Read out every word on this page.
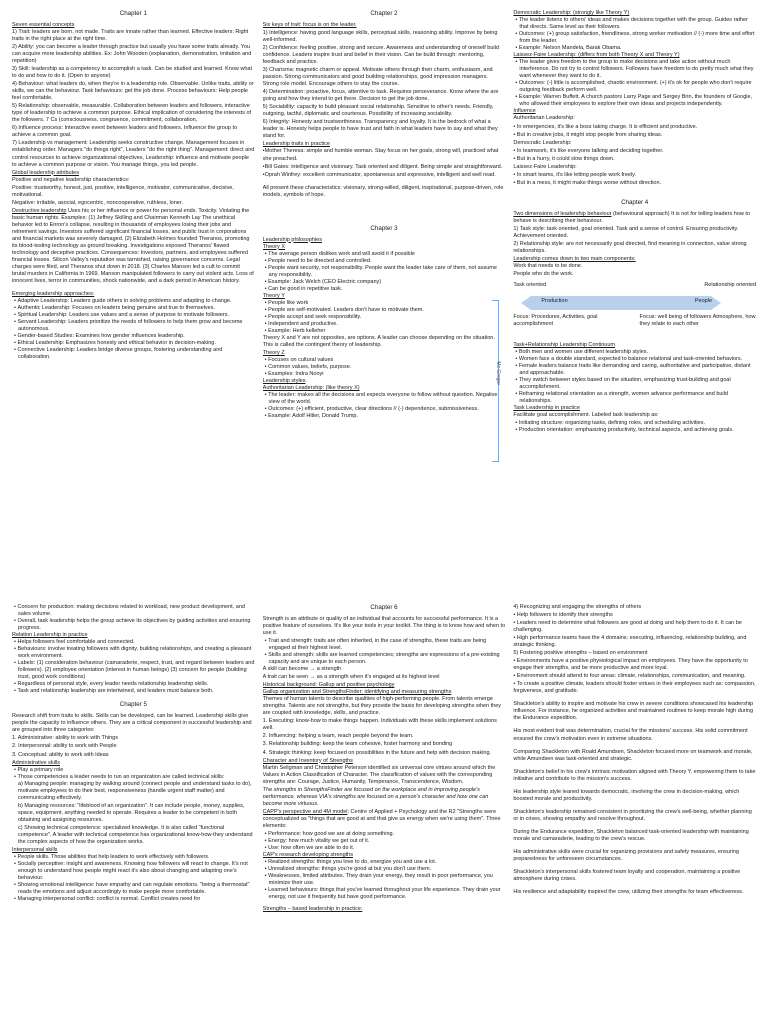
Chapter 1
Seven essential concepts
1) Trait: leaders are born, not made. Traits are innate rather than learned. Effective leaders: Right traits in the right place at the right time.
2) Ability: you can become a leader through practice but usually you have some traits already. You can acquire more leadership abilities. Ex: John Wooden (explanation, demonstration, imitation and repetition)
3) Skill: leadership as a competency to accomplish a task. Can be studied and learned. Know what to do and how to do it. (Open to anyone)
4) Behaviour: what leaders do, when they're in a leadership role. Observable. Unlike traits, ability or skills, we can the behaviour. Task behaviours: get the job done. Process behaviours: Help people feel comfortable.
5) Relationship: observable, measurable. Collaboration between leaders and followers, interactive type of leadership to achieve a common purpose. Ethical implication of considering the interests of the followers. 7 Cs (consciousness, congruence, commitment, collaboration,
6) Influence process: Interactive event between leaders and followers. Influence the group to achieve a common goal.
7) Leadership vs management: Leadership seeks constructive change. Management focuses in establishing order. Managers "do things right", Leaders "do the right thing". Management: direct and control resources to achieve organizational objectives, Leadership: influence and motivate people to achieve a common purpose or vision. You manage things, you led people.
Global leadership attributes
Positive and negative leadership characteristics:
Positive: trustworthy, honest, just, positive, intelligence, motivator, communicative, decisive, motivational.
Negative: irritable, asocial, egocentric, noncooperative, ruthless, loner.
Destructive leadership Uses his or her influence or power for personal ends. Toxicity. Violating the basic human rights. Examples: (1) Jeffrey Skilling and Chairman Kenneth Lay The unethical behavior led to Enron's collapse, resulting in thousands of employees losing their jobs and retirement savings. Investors suffered significant financial losses, and public trust in corporations and financial markets was severely damaged. (2) Elizabeth Holmes founded Theranos, promoting its blood-testing technology as ground breaking. Investigations exposed Theranos' flawed technology and deceptive practices. Consequences: Investors, partners, and employees suffered financial losses. Silicon Valley's reputation was tarnished, raising governance concerns. Legal charges were filed, and Theranos shut down in 2018. (3) Charles Manson led a cult to commit brutal murders in California in 1969. Manson manipulated followers to carry out violent acts. Loss of innocent lives, terror in communities, shock nationwide, and a dark period in American history.
Emerging leadership approaches:
• Adaptive Leadership: Leaders guide others in solving problems and adapting to change.
• Authentic Leadership: Focuses on leaders being genuine and true to themselves.
• Spiritual Leadership: Leaders use values and a sense of purpose to motivate followers.
• Servant Leadership: Leaders prioritize the needs of followers to help them grow and become autonomous.
• Gender-based Studies: Examines how gender influences leadership.
• Ethical Leadership: Emphasizes honesty and ethical behavior in decision-making.
• Connective Leadership: Leaders bridge diverse groups, fostering understanding and collaboration.
Chapter 2
Six keys of trait: focus is on the leader.
1) Intelligence: having good language skills, perceptual skills, reasoning ability. Improve by being well-informed.
2) Confidence: feeling positive, strong and secure. Awareness and understanding of oneself build confidence. Leaders inspire trust and belief in their vision. Can be build through: mentoring, feedback and practice.
3) Charisma: magnetic charm or appeal. Motivate others through their charm, enthusiasm, and passion. Strong communicators and good building relationships, good impression managers. Strong role model. Encourage others to stay the course.
4) Determination: proactive, focus, attentive to task. Requires perseverance. Know where the are going and how they intend to get there. Decision to get the job done.
5) Sociability: capacity to build pleasant social relationship. Sensitive to other's needs. Friendly, outgoing, tactful, diplomatic and courteous. Possibility of increasing sociability.
6) Integrity: Honesty and trustworthiness. Transparency and loyalty. It is the bedrock of what a leader is. Honesty helps people to have trust and faith in what leaders have to say and what they stand for.
Leadership traits in practice
•Mother Theresa: simple and humble woman. Stay focus on her goals, strong will, practiced what she preached.
•Bill Gates: intelligence and visionary. Task oriented and diligent. Being simple and straightforward.
•Oprah Winfrey: excellent communicator, spontaneous and expressive, intelligent and well read.
All present these characteristics: visionary, strong-willed, diligent, inspirational, purpose-driven, role models, symbols of hope.
Chapter 3
Leadership philosophies
Theory X
• The average person dislikes work and will avoid it if possible
• People need to be directed and controlled.
• People want security, not responsibility. People want the leader take care of them, not assume any responsibility.
• Example: Jack Welch (CEO Electric company)
• Can be good in repetitive task.
Theory Y
• People like work
• People are self-motivated. Leaders don't have to motivate them.
• People accept and seek responsibility.
• Independent and productive.
• Example: Herb kelleher
Theory X and Y are not opposites, are options. A leader can choose depending on the situation. This is called the contingent theory of leadership.
Theory Z
• Focuses on cultural values
• Common values, beliefs, purpose.
• Examples: Indra Nooyi
Leadership styles
Authoritarian Leadership: (like theory X)
• The leader: makes all the decisions and expects everyone to follow without question. Negative view of the world.
• Outcomes: (+) efficient, productive, clear directions // (-) dependence, submissiveness.
• Example: Adolf Hitler, Donald Trump.
Mc Gregor
Democratic Leadership: (strongly like Theory Y)
• The leader listens to others' ideas and makes decisions together with the group. Guides rather that directs. Same level as their followers.
• Outcomes: (+) group satisfaction, friendliness, strong worker motivation // (-) more time and effort from the leader.
• Example: Nelson Mandela, Barak Obama.
Laissez-Faire Leadership: (differs from both Theory X and Theory Y)
• The leader gives freedom to the group to make decisions and take action without much interference. Do not try to control followers. Followers have freedom to do pretty much what they want whenever they want to do it.
• Outcomes: (-) little is accomplished, chaotic environment. (+) it's ok for people who don't require outgoing feedback perform well.
• Example: Warren Buffett. A church pastors Larry Page and Sergey Brin, the founders of Google, who allowed their employees to explore their own ideas and projects independently.
Influence
Authoritarian Leadership:
• In emergencies, it's like a boss taking charge. It is efficient and productive.
• But in creative jobs, it might stop people from sharing ideas.
Democratic Leadership:
• In teamwork, it's like everyone talking and deciding together.
• But in a hurry, it could slow things down.
Laissez-Faire Leadership:
• In smart teams, it's like letting people work freely.
• But in a mess, it might make things worse without direction.
Chapter 4
Two dimensions of leadership behaviour (behavioural approach) It is not for telling leaders how to behave is describing their behaviour.
1) Task style: task oriented, goal oriented. Task and a sense of control. Ensuring productivity. Achievement oriented.
2) Relationship style: are not necessarily goal directed, find meaning in connection, value strong relationships.
Leadership comes down to two main components:
Work that needs to be done.
People who do the work.
Task oriented	Relationship oriented
Production	People
Focus: Procedures, Activities, goal accomplishment
Focus: well being of followers Atmosphere, how they relate to each other
Task+Relationship Leadership Continuum
• Both men and women use different leadership styles.
• Women face a double standard, expected to balance relational and task-oriented behaviors.
• Female leaders balance traits like demanding and caring, authoritative and participative, distant and approachable.
• They switch between styles based on the situation, emphasizing trust-building and goal accomplishment.
• Reframing relational orientation as a strength, women advance performance and build relationships.
Task Leadership in practice
Facilitate goal accomplishment. Labeled task leadership as:
• Initiating structure: organizing tasks, defining roles, and scheduling activities.
• Production orientation: emphasizing productivity, technical aspects, and achieving goals.
• Concern for production: making decisions related to workload, new product development, and sales volume.
• Overall, task leadership helps the group achieve its objectives by guiding activities and ensuring progress.
Relation Leadership in practice
• Helps followers feel comfortable and connected.
• Behaviours: involve treating followers with dignity, building relationships, and creating a pleasant work environment.
• Labels: (1) consideration behaviour (camaraderie, respect, trust, and regard between leaders and followers). (2) employee orientation (interest in human beings) (3) concern for people (building trust, good work conditions)
• Regardless of personal style, every leader needs relationship leadership skills.
• Task and relationship leadership are intertwined, and leaders must balance both.
Chapter 5
Research shift from traits to skills. Skills can be developed, can be learned. Leadership skills give people the capacity to influence others. They are a critical component in successful leadership and are grouped into three categories:
1. Administrative: ability to work with Things
2. Interpersonal: ability to work with People
3. Conceptual: ability to work with Ideas
Administrative skills
• Play a primary role
• Those competencies a leader needs to run an organization are called technical skills:
a) Managing people: managing by walking around (connect people and understand tasks to do), motivate employees to do their best, responsiveness (handle urgent staff matter) and communicating effectively.
b) Managing resources: "lifeblood of an organization". It can include people, money, supplies, space, equipment, anything needed to operate. Requires a leader to be competent in both obtaining and assigning resources.
c) Showing technical competence: specialized knowledge. It is also called "functional competence". A leader with technical competence has organizational know-how-they understand the complex aspects of how the organization works.
Interpersonal skills
• People skills. Those abilities that help leaders to work effectively with followers.
• Socially perceptive: insight and awareness. Knowing how followers will react to change. It's not enough to understand how people might react it's also about changing and adapting one's behaviour.
• Showing emotional intelligence: have empathy and can regulate emotions. "being a thermostat" reads the emotions and adjust accordingly to make people more comfortable.
• Managing interpersonal conflict: conflict is normal. Conflict creates need for
Chapter 6
Strength is an attribute or quality of an individual that accounts for successful performance. It is a positive feature of ourselves. It's like your tools in your toolkit. The thing is to know how and when to use it.
• Trait and strength: traits are often inherited, in the case of strengths, these traits are being engaged at their highest level.
• Skills and strength: skills are learned competencies; strengths are expressions of a pre-existing capacity and are unique to each person.
A skill can become → a strength
A trait can be seen → as a strength when it's engaged at its highest level
Historical background: Gallup and positive psychology
Gallup organization and StrengthsFinder: identifying and measuring strengths
Themes of human talents to describe qualities of high-performing people. From talents emerge strengths. Talents are not strengths, but they provide the basis for developing strengths when they are coupled with knowledge, skills, and practice.
1. Executing: know-how to make things happen. Individuals with these skills implement solutions well.
2. Influencing: helping a team, reach people beyond the team.
3. Relationship building: keep the team cohesive, foster harmony and bonding
4. Strategic thinking: keep focused on possibilities in the future and help with decision making.
Character and Inventory of Strengths
Martin Seligman and Christopher Peterson identified six universal core virtues around which the Values in Action Classification of Character. The classification of values with the corresponding strengths are: Courage, Justice, Humanity, Temperance, Transcendence, Wisdom.
The strengths in StrengthsFinder are focused on the workplace and in improving people's performance, whereas VIA's strengths are focused on a person's character and how one can become more virtuous.
CAPP's perspective and 4M model: Centre of Applied + Psychology and the R2 "Strengths were conceptualized as "things that are good at and that give us energy when we're using them". Three elements:
• Performance: how good we are at doing something.
• Energy: how much vitality we get out of it.
• Use: how often we are able to do it.
CAP's research developing strengths
• Realized strengths: things you love to do, energize you and use a lot.
• Unrealized strengths: things you're good at but you don't use them.
• Weaknesses, limited attributes. They drain your energy, they result in poor performance, you minimize their use.
• Learned behaviours: things that you've learned throughout your life experience. They drain your energy, not use it frequently but have good performance.
Strengths – based leadership in practice:
4) Recognizing and engaging the strengths of others
• Help followers to identify their strengths
• Leaders need to determine what followers are good at doing and help them to do it. It can be challenging.
• High performance teams have the 4 domains: executing, influencing, relationship building, and strategic thinking.
5) Fostering positive strengths – based on environment
• Environments have a positive physiological impact on employees. They have the opportunity to engage their strengths, and be more productive and more loyal.
• Environment should attend to four areas: climate, relationships, communication, and meaning.
• To create a positive climate, leaders should foster virtues in their employees such as: compassion, forgiveness, and gratitude.
Shackleton's ability to inspire and motivate his crew in severe conditions showcased his leadership influence. For instance, he organized activities and maintained routines to keep morale high during the Endurance expedition.
His most evident trait was determination, crucial for the missions' success. His solid commitment ensured the crew's motivation even in extreme situations.
Comparing Shackleton with Roald Amundsen, Shackleton focused more on teamwork and morale, while Amundsen was task-oriented and strategic.
Shackleton's belief in his crew's intrinsic motivation aligned with Theory Y, empowering them to take initiative and contribute to the mission's success.
His leadership style leaned towards democratic, involving the crew in decision-making, which boosted morale and productivity.
Shackleton's leadership remained consistent in prioritizing the crew's well-being, whether planning or in crises, showing empathy and resolve throughout.
During the Endurance expedition, Shackleton balanced task-oriented leadership with maintaining morale and camaraderie, leading to the crew's rescue.
His administrative skills were crucial for organizing provisions and safety measures, ensuring preparedness for unforeseen circumstances.
Shackleton's interpersonal skills fostered team loyalty and cooperation, maintaining a positive atmosphere during crises.
His resilience and adaptability inspired the crew, utilizing their strengths for team effectiveness.
